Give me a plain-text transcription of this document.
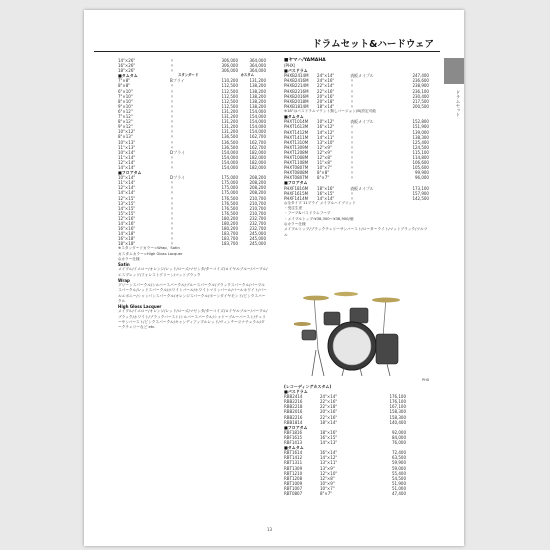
ドラムセット&ハードウェア
ドラムセット
14"×26"	〃	306,000	364,000
16"×26"	〃	306,000	364,000
18"×26"	〃	306,000	364,000
■タムタム	スタンダード	カスタム
7"×8"	Bプライ	110,200	131,200
8"×8"	〃	112,500	138,200
6"×10"	〃	112,500	138,200
7"×10"	〃	112,500	138,200
8"×10"	〃	112,500	138,200
9"×10"	〃	112,500	138,200
6"×12"	〃	131,200	154,000
7"×12"	〃	131,200	154,000
8"×12"	〃	131,200	154,000
9"×12"	〃	131,200	154,000
10"×12"	〃	131,200	154,000
8"×13"	〃	136,500	162,700
10"×13"	〃	136,500	162,700
11"×13"	〃	136,500	162,700
10"×14"	Dプライ	154,000	182,000
11"×14"	〃	154,000	182,000
12"×14"	〃	154,000	182,000
14"×14"	〃	154,000	182,000
■フロアタム
10"×14"	Dプライ	175,000	208,200
11"×14"	〃	175,000	208,200
12"×14"	〃	175,000	208,200
14"×14"	〃	175,000	208,200
12"×15"	〃	176,500	210,700
13"×15"	〃	176,500	210,700
14"×15"	〃	176,500	210,700
15"×15"	〃	176,500	210,700
12"×16"	〃	180,200	232,700
14"×16"	〃	180,200	232,700
16"×16"	〃	180,200	232,700
14"×18"	〃	183,700	245,000
16"×18"	〃	183,700	245,000
18"×18"	〃	183,700	245,000
※スタンダードカラー=Wrap、Satin
カスタムカラー=High Gloss Lacquer
◎カラー仕様
Satin
メイプル/イエロー/オレンジ/レッド/ローズ/マゼンタ/ターコイズ/ロイヤルブルー/パープル/エスプレッソ/フォレストグリーン/マットブラック
Wrap
グリーンスパークル/シルバースパークル/ブルースパークル/ブラックスパークル/パープルスパークル/レッドスパークル/ホワイトパール/ホワイトマリンパール/パールホワイト/パールエボニー/シャンパンスパークル/オレンジスパークル/ボーンダイヤモンド/ピンクスパークル
High Gloss Lacquer
メイプル/イエロー/オレンジ/レッド/ローズ/マゼンタ/ターコイズ/ロイヤルブルー/パープル/ブラック/ホワイト/ブラックバースト/シルバースパークル/シャドーブルーバースト/チェリーサンバースト/ピンクスパークル/キャンディアップルレッド/ヴィンテージナチュラル/ダークチェリーなど etc.
■ヤマハ/YAMAHA
(PHX)
■バスドラム
PHXB2414M	24"×14"	表板メイプル	247,400
PHXB2416M	24"×16"	〃	236,600
PHXB2214M	22"×14"	〃	238,900
PHXB2216M	22"×16"	〃	236,100
PHXB2016M	20"×16"	〃	230,400
PHXB2018M	20"×18"	〃	217,500
PHXB1814M	18"×14"	〃	200,500
※18"はバスドラムマウント無しバージョン(B)設定可能
■タムタム
PHXT1014M	10"×12"	表板メイプル	152,800
PHXT1613M	16"×12"	〃	151,900
PHXT1412M	14"×12"	〃	139,000
PHXT1411M	14"×11"	〃	138,300
PHXT1310M	13"×10"	〃	125,400
PHXT1309M	12"×9"	〃	124,500
PHXT1208M	12"×9"	〃	115,100
PHXT1008M	12"×8"	〃	114,800
PHXT1108M	11"×8"	〃	106,600
PHXT0807M	10"×7"	〃	105,600
PHXT0808M	8"×8"	〃	99,900
PHXT0807M	8"×7"	〃	96,000
■フロアタム
PHXF1816M	18"×16"	表板メイプル	173,100
PHXF1615M	16"×15"	〃	157,900
PHXF1414M	14"×14"	〃	142,500
◎全タイプ 11プライ メイプルハイブリッド
・受注生産
・フープ&バスドラムフープ
・メイプルトップ:¥38,300〜¥38,900/個
◎カラー仕様
メイプルトップ/ブラックチェリーサンバースト/ローターライト/マットブラック/ツルツル
PHX
(レコーディングカスタム)
■バスドラム
RBB2414	24"×14"	176,100
RBB2216	22"×16"	176,100
RBB2218	22"×18"	167,100
RBB2016	20"×16"	158,300
RBB2216	22"×16"	158,300
RBB1814	18"×14"	140,400
■フロアタム
RBF1816	18"×16"	92,000
RBF1615	16"×15"	84,000
RBF1413	14"×13"	76,000
■タムタム
RBT1614	16"×14"	72,400
RBT1412	14"×12"	63,500
RBT1311	13"×11"	59,900
RBT1309	13"×9"	59,000
RBT1210	12"×10"	55,400
RBT1208	12"×8"	54,500
RBT1009	10"×9"	51,900
RBT1007	10"×7"	51,000
RBT0807	8"×7"	47,400
13
